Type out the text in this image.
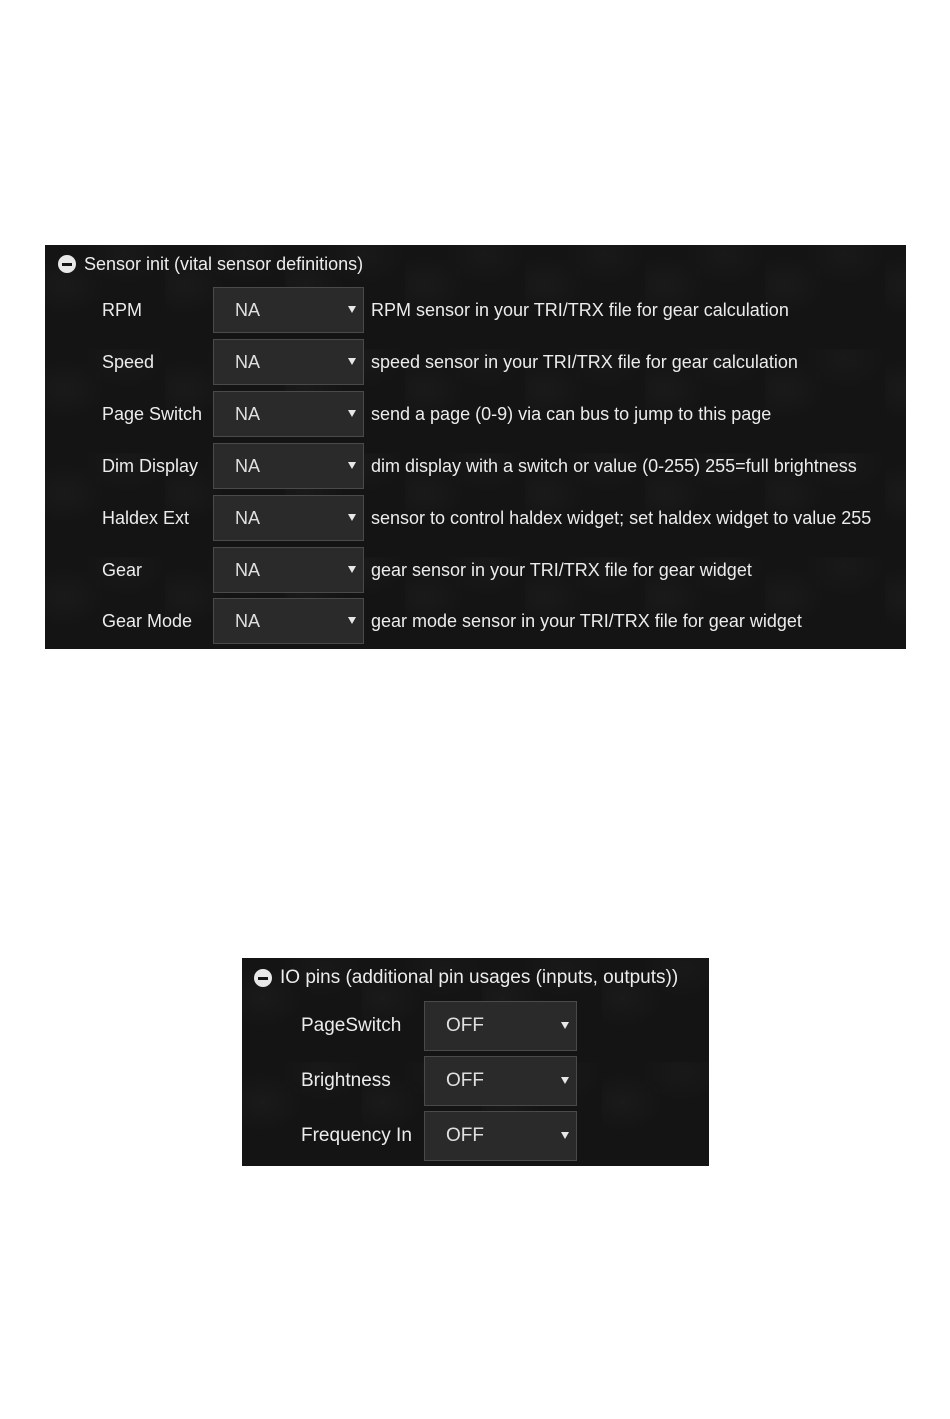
Sensor init (vital sensor definitions)
RPM	NA	RPM sensor in your TRI/TRX file for gear calculation
Speed	NA	speed sensor in your TRI/TRX file for gear calculation
Page Switch NA	send a page (0-9) via can bus to jump to this page
Dim Display NA	dim display with a switch or value (0-255) 255=full brightness
Haldex Ext	NA	sensor to control haldex widget; set haldex widget to value 255
Gear	NA	gear sensor in your TRI/TRX file for gear widget
Gear Mode NA	gear mode sensor in your TRI/TRX file for gear widget
IO pins (additional pin usages (inputs, outputs))
PageSwitch OFF
Brightness	OFF
Frequency In OFF
